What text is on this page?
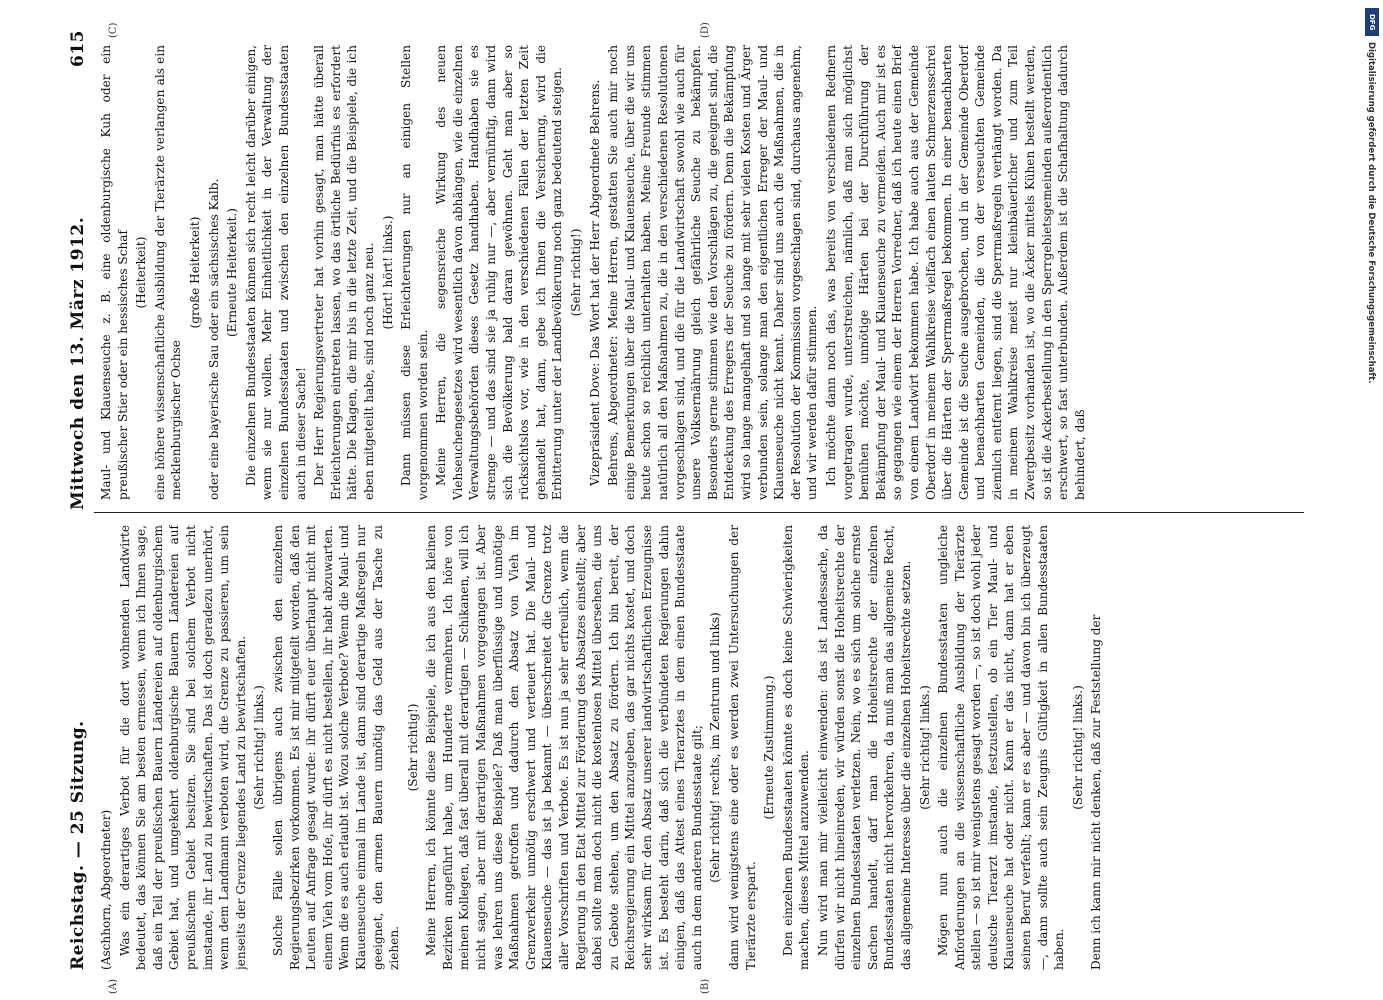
Reichstag. — 25 Sitzung.
Mittwoch den 13. März 1912.
615
(A)	(B)
(C)	(D)

(Aschhorn, Abgeordneter) Was ein derartiges Verbot für die dort wohnenden Landwirte bedeutet, das können Sie am besten ermessen, wenn ich Ihnen sage, daß ein Teil der preußischen Bauern Ländereien auf oldenburgischem Gebiet hat, und umgekehrt oldenburgische Bauern Ländereien auf preußischem Gebiet besitzen. Sie sind bei solchem Verbot nicht imstande, ihr Land zu bewirtschaften. Das ist doch geradezu unerhört, wenn dem Landmann verboten wird, die Grenze zu passieren, um sein jenseits der Grenze liegendes Land zu bewirtschaften. (Sehr richtig! links.) Solche Fälle sollen übrigens auch zwischen den einzelnen Regierungsbezirken vorkommen. Es ist mir mitgeteilt worden, daß den Leuten auf Anfrage gesagt wurde: ihr dürft euer überhaupt nicht mit einem Vieh vom Hofe, ihr dürft es nicht bestellen, ihr habt abzuwarten. Wenn die es auch erlaubt ist. Wozu solche Verbote? Wenn die Maul- und Klauenseuche einmal im Lande ist, dann sind derartige Maßregeln nur geeignet, den armen Bauern unnötig das Geld aus der Tasche zu ziehen.

(Sehr richtig!) Meine Herren, ich könnte diese Beispiele, die ich aus den kleinen Bezirken angeführt habe, um Hunderte vermehren. Ich höre von meinen Kollegen, daß fast überall mit derartigen — Schikanen, will ich nicht sagen, aber mit derartigen Maßnahmen vorgegangen ist. Aber was lehren uns diese Beispiele? Daß man überflüssige und unnötige Maßnahmen getroffen und dadurch den Absatz von Vieh im Grenzverkehr unnötig erschwert und verteuert hat. Die Maul- und Klauenseuche — das ist ja bekannt — überschreitet die Grenze trotz aller Vorschriften und Verbote. Es ist nun ja sehr erfreulich, wenn die Regierung in den Etat Mittel zur Förderung des Absatzes einstellt; aber dabei sollte man doch nicht die kostenlosen Mittel übersehen, die uns zu Gebote stehen, um den Absatz zu fördern. Ich bin bereit, der Reichsregierung ein Mittel anzugeben, das gar nichts kostet, und doch sehr wirksam für den Absatz unserer landwirtschaftlichen Erzeugnisse ist. Es besteht darin, daß sich die verbündeten Regierungen dahin einigen, daß das Attest eines Tierarztes in dem einen Bundesstaate auch in dem anderen Bundesstaate gilt; (Sehr richtig! rechts, im Zentrum und links) dann wird wenigstens eine oder es werden zwei Untersuchungen der Tierärzte erspart.

(Erneute Zustimmung.) Den einzelnen Bundesstaaten könnte es doch keine Schwierigkeiten machen, dieses Mittel anzuwenden. Nun wird man mir vielleicht einwenden: das ist Landessache, da dürfen wir nicht hineinreden, wir würden sonst die Hoheitsrechte der einzelnen Bundesstaaten verletzen. Nein, wo es sich um solche ernste Sachen handelt, darf man die Hoheitsrechte der einzelnen Bundesstaaten nicht hervorkehren, da muß man das allgemeine Recht, das allgemeine Interesse über die einzelnen Hoheitsrechte setzen. (Sehr richtig! links.) Mögen nun auch die einzelnen Bundesstaaten ungleiche Anforderungen an die wissenschaftliche Ausbildung der Tierärzte stellen — so ist mir wenigstens gesagt worden —, so ist doch wohl jeder deutsche Tierarzt imstande, festzustellen, ob ein Tier Maul- und Klauenseuche hat oder nicht. Kann er das nicht, dann hat er eben seinen Beruf verfehlt; kann er es aber — und davon bin ich überzeugt —, dann sollte auch sein Zeugnis Gültigkeit in allen Bundesstaaten haben.

(Sehr richtig! links.) Denn ich kann mir nicht denken, daß zur Feststellung der

Maul- und Klauenseuche z. B. eine oldenburgische Kuh oder ein preußischer Stier oder ein hessisches Schaf (Heiterkeit) eine höhere wissenschaftliche Ausbildung der Tierärzte verlangen als ein mecklenburgischer Ochse

(große Heiterkeit) oder eine bayerische Sau oder ein sächsisches Kalb. (Erneute Heiterkeit.) Die einzelnen Bundesstaaten können sich recht leicht darüber einigen, wenn sie nur wollen. Mehr Einheitlichkeit in der Verwaltung der einzelnen Bundesstaaten und zwischen den einzelnen Bundesstaaten auch in dieser Sache! Der Herr Regierungsvertreter hat vorhin gesagt, man hätte überall Erleichterungen eintreten lassen, wo das örtliche Bedürfnis es erfordert hätte. Die Klagen, die mir bis in die letzte Zeit, und die Beispiele, die ich eben mitgeteilt habe, sind noch ganz neu. (Hört! hört! links.) Dann müssen diese Erleichterungen nur an einigen Stellen vorgenommen worden sein. Meine Herren, die segensreiche Wirkung des neuen Viehseuchengesetzes wird wesentlich davon abhängen, wie die einzelnen Verwaltungsbehörden dieses Gesetz handhaben. Handhaben sie es strenge — und das sind sie ja ruhig nur —, aber vernünftig, dann wird sich die Bevölkerung bald daran gewöhnen. Geht man aber so rücksichtslos vor, wie in den verschiedenen Fällen der letzten Zeit gehandelt hat, dann, gebe ich Ihnen die Versicherung, wird die Erbitterung unter der Landbevölkerung noch ganz bedeutend steigen. (Sehr richtig!) Vizepräsident Dove: Das Wort hat der Herr Abgeordnete Behrens. Behrens, Abgeordneter: Meine Herren, gestatten Sie auch mir noch einige Bemerkungen über die Maul- und Klauenseuche, über die wir uns heute schon so reichlich unterhalten haben. Meine Freunde stimmen natürlich all den Maßnahmen zu, die in den verschiedenen Resolutionen vorgeschlagen sind, und die für die Landwirtschaft sowohl wie auch für unsere Volksernährung gleich gefährliche Seuche zu bekämpfen. Besonders gerne stimmen wie den Vorschlägen zu, die geeignet sind, die Entdeckung des Erregers der Seuche zu fördern. Denn die Bekämpfung wird so lange mangelhaft und so lange mit sehr vielen Kosten und Ärger verbunden sein, solange man den eigentlichen Erreger der Maul- und Klauenseuche nicht kennt. Daher sind uns auch die Maßnahmen, die in der Resolution der Kommission vorgeschlagen sind, durchaus angenehm, und wir werden dafür stimmen. Ich möchte dann noch das, was bereits von verschiedenen Rednern vorgetragen wurde, unterstreichen, nämlich, daß man sich möglichst bemühen möchte, unnötige Härten bei der Durchführung der Bekämpfung der Maul- und Klauenseuche zu vermeiden. Auch mir ist es so gegangen wie einem der Herren Vorredner, daß ich heute einen Brief von einem Landwirt bekommen habe. Ich habe auch aus der Gemeinde Oberdorf in meinem Wahlkreise vielfach einen lauten Schmerzensschrei über die Härten der Sperrmaßregel bekommen. In einer benachbarten Gemeinde ist die Seuche ausgebrochen, und in der Gemeinde Oberdorf und benachbarten Gemeinden, die von der verseuchten Gemeinde ziemlich entfernt liegen, sind die Sperrmaßregeln verhängt worden. Da in meinem Wahlkreise meist nur kleinbäuerlicher und zum Teil Zwergbesitz vorhanden ist, wo die Äcker mittels Kühen bestellt werden, so ist die Ackerbestellung in den Sperrgebietsgemeinden außerordentlich erschwert, so fast unterbunden. Außerdem ist die Schafhaltung dadurch behindert, daß

DFG
Digitalisierung gefördert durch die Deutsche Forschungsgemeinschaft.
